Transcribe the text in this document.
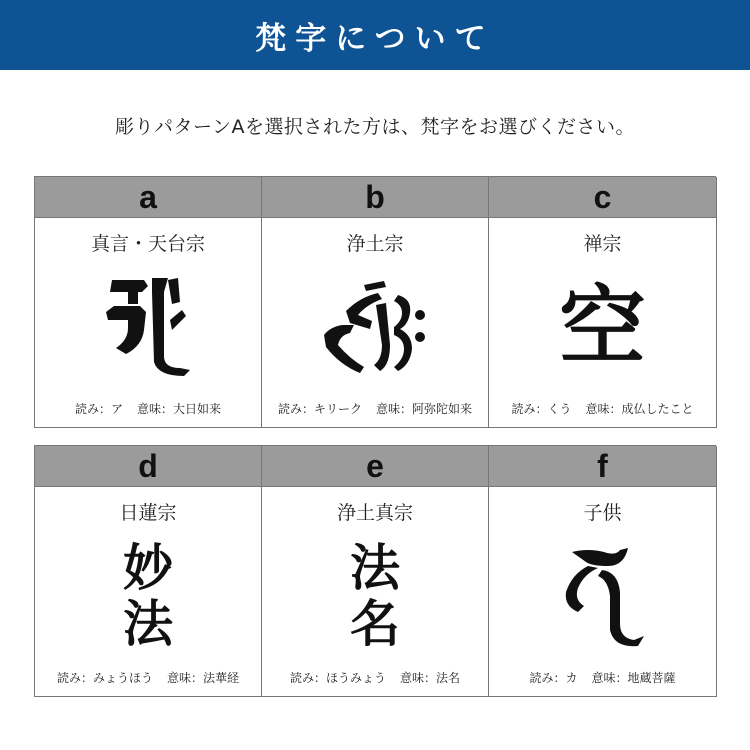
梵字について
彫りパターンAを選択された方は、梵字をお選びください。
a
真言・天台宗
読み：ア 意味：大日如来
b
浄土宗
読み：キリーク 意味：阿弥陀如来
c
禅宗
空
読み：くう 意味：成仏したこと
d
日蓮宗
妙
法
読み：みょうほう 意味：法華経
e
浄土真宗
法
名
読み：ほうみょう 意味：法名
f
子供
読み：カ 意味：地蔵菩薩
